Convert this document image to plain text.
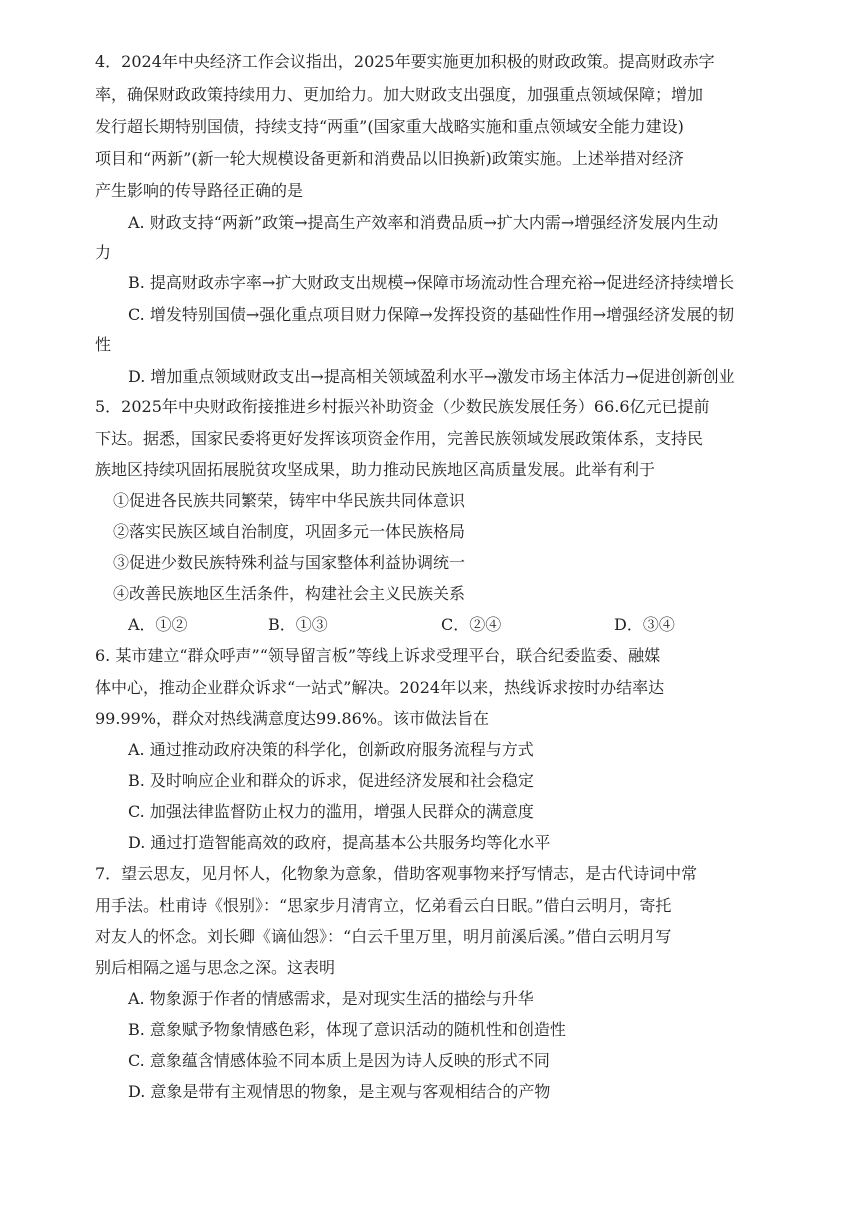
4．2024年中央经济工作会议指出，2025年要实施更加积极的财政政策。提高财政赤字
率，确保财政政策持续用力、更加给力。加大财政支出强度，加强重点领域保障；增加
发行超长期特别国债，持续支持“两重”(国家重大战略实施和重点领域安全能力建设)
项目和“两新”(新一轮大规模设备更新和消费品以旧换新)政策实施。上述举措对经济
产生影响的传导路径正确的是
A. 财政支持“两新”政策→提高生产效率和消费品质→扩大内需→增强经济发展内生动
力
B. 提高财政赤字率→扩大财政支出规模→保障市场流动性合理充裕→促进经济持续增长
C. 增发特别国债→强化重点项目财力保障→发挥投资的基础性作用→增强经济发展的韧
性
D. 增加重点领域财政支出→提高相关领域盈利水平→激发市场主体活力→促进创新创业
5．2025年中央财政衔接推进乡村振兴补助资金（少数民族发展任务）66.6亿元已提前
下达。据悉，国家民委将更好发挥该项资金作用，完善民族领域发展政策体系，支持民
族地区持续巩固拓展脱贫攻坚成果，助力推动民族地区高质量发展。此举有利于
①促进各民族共同繁荣，铸牢中华民族共同体意识
②落实民族区域自治制度，巩固多元一体民族格局
③促进少数民族特殊利益与国家整体利益协调统一
④改善民族地区生活条件，构建社会主义民族关系
A．①②	B．①③	C．②④	D．③④
6. 某市建立“群众呼声”“领导留言板”等线上诉求受理平台，联合纪委监委、融媒
体中心，推动企业群众诉求“一站式”解决。2024年以来，热线诉求按时办结率达
99.99%，群众对热线满意度达99.86%。该市做法旨在
A. 通过推动政府决策的科学化，创新政府服务流程与方式
B. 及时响应企业和群众的诉求，促进经济发展和社会稳定
C. 加强法律监督防止权力的滥用，增强人民群众的满意度
D. 通过打造智能高效的政府，提高基本公共服务均等化水平
7．望云思友，见月怀人，化物象为意象，借助客观事物来抒写情志，是古代诗词中常
用手法。杜甫诗《恨别》：“思家步月清宵立，忆弟看云白日眠。”借白云明月，寄托
对友人的怀念。刘长卿《谪仙怨》：“白云千里万里，明月前溪后溪。”借白云明月写
别后相隔之遥与思念之深。这表明
A. 物象源于作者的情感需求，是对现实生活的描绘与升华
B. 意象赋予物象情感色彩，体现了意识活动的随机性和创造性
C. 意象蕴含情感体验不同本质上是因为诗人反映的形式不同
D. 意象是带有主观情思的物象，是主观与客观相结合的产物
